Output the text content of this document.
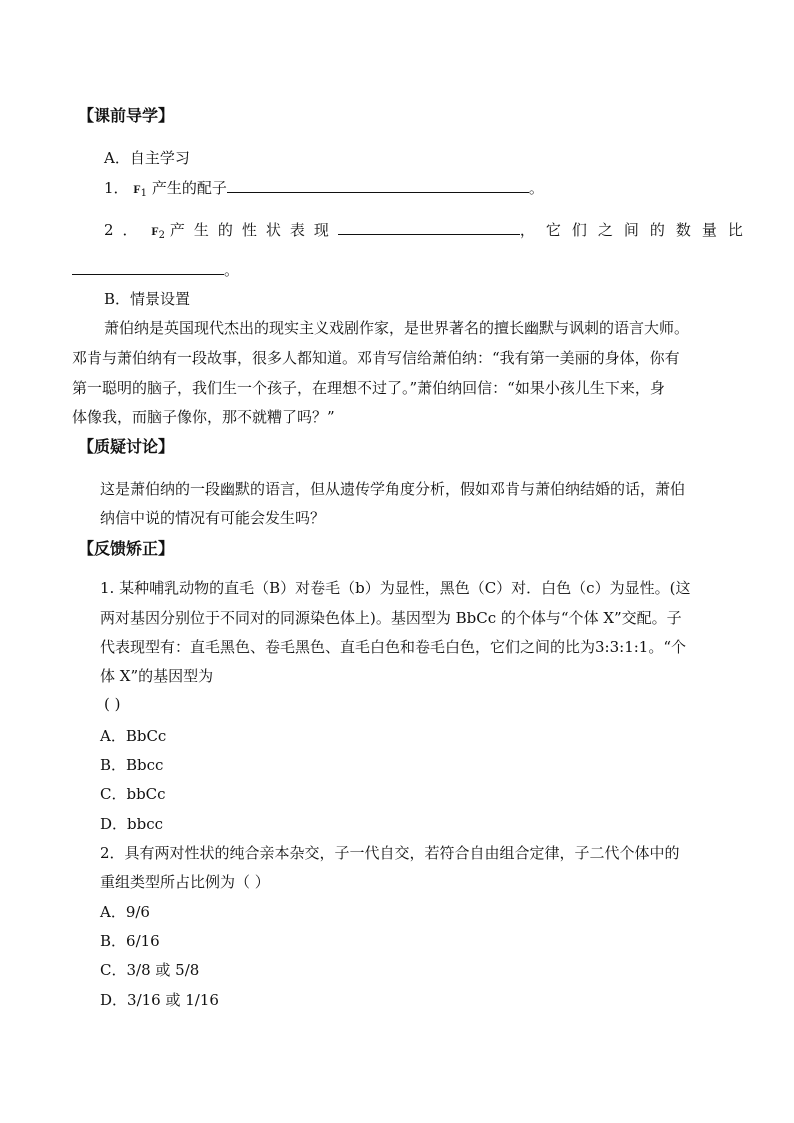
【课前导学】
A．自主学习
1． $F_1$ 产生的配子	。
2． $F_2$ 产生的性状表现	，它们之间的数量比
。
B．情景设置
萧伯纳是英国现代杰出的现实主义戏剧作家，是世界著名的擅长幽默与讽刺的语言大师。
邓肯与萧伯纳有一段故事，很多人都知道。邓肯写信给萧伯纳：“我有第一美丽的身体，你有
第一聪明的脑子，我们生一个孩子，在理想不过了。”萧伯纳回信：“如果小孩儿生下来，身
体像我，而脑子像你，那不就糟了吗？”
【质疑讨论】
这是萧伯纳的一段幽默的语言，但从遗传学角度分析，假如邓肯与萧伯纳结婚的话，萧伯
纳信中说的情况有可能会发生吗？
【反馈矫正】
1. 某种哺乳动物的直毛（B）对卷毛（b）为显性，黑色（C）对．白色（c）为显性。(这
两对基因分别位于不同对的同源染色体上)。基因型为 BbCc 的个体与“个体 X”交配。子
代表现型有：直毛黑色、卷毛黑色、直毛白色和卷毛白色，它们之间的比为3:3:1:1。“个
体 X”的基因型为
( )
A．BbCc
B．Bbcc
C．bbCc
D．bbcc
2．具有两对性状的纯合亲本杂交，子一代自交，若符合自由组合定律，子二代个体中的
重组类型所占比例为（ ）
A．9/6
B．6/16
C．3/8 或 5/8
D．3/16 或 1/16
